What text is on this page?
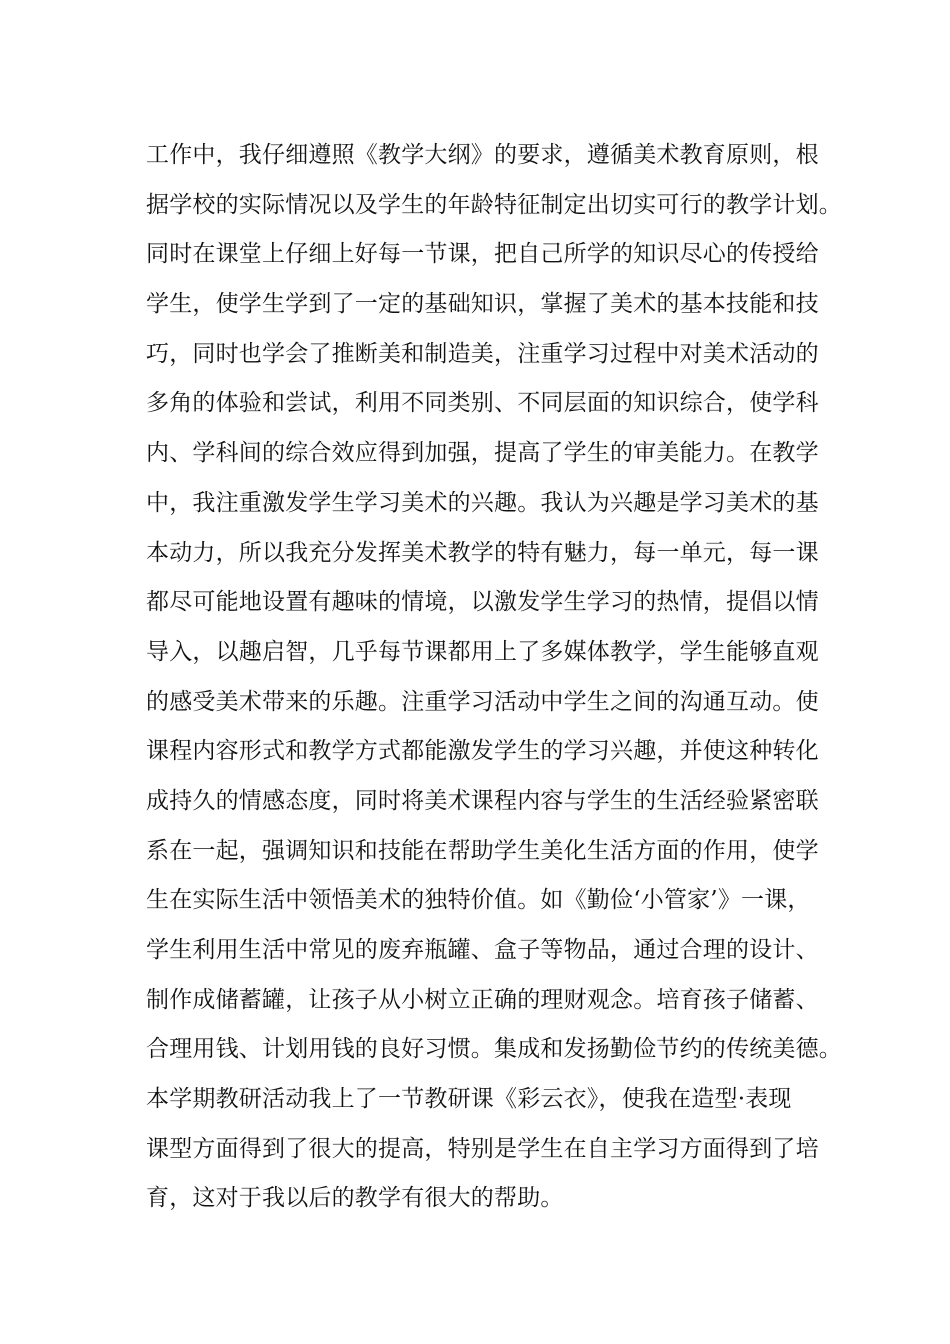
工作中，我仔细遵照《教学大纲》的要求，遵循美术教育原则，根
据学校的实际情况以及学生的年龄特征制定出切实可行的教学计划。
同时在课堂上仔细上好每一节课，把自己所学的知识尽心的传授给
学生，使学生学到了一定的基础知识，掌握了美术的基本技能和技
巧，同时也学会了推断美和制造美，注重学习过程中对美术活动的
多角的体验和尝试，利用不同类别、不同层面的知识综合，使学科
内、学科间的综合效应得到加强，提高了学生的审美能力。在教学
中，我注重激发学生学习美术的兴趣。我认为兴趣是学习美术的基
本动力，所以我充分发挥美术教学的特有魅力，每一单元，每一课
都尽可能地设置有趣味的情境，以激发学生学习的热情，提倡以情
导入，以趣启智，几乎每节课都用上了多媒体教学，学生能够直观
的感受美术带来的乐趣。注重学习活动中学生之间的沟通互动。使
课程内容形式和教学方式都能激发学生的学习兴趣，并使这种转化
成持久的情感态度，同时将美术课程内容与学生的生活经验紧密联
系在一起，强调知识和技能在帮助学生美化生活方面的作用，使学
生在实际生活中领悟美术的独特价值。如《勤俭‘小管家’》一课，
学生利用生活中常见的废弃瓶罐、盒子等物品，通过合理的设计、
制作成储蓄罐，让孩子从小树立正确的理财观念。培育孩子储蓄、
合理用钱、计划用钱的良好习惯。集成和发扬勤俭节约的传统美德。
本学期教研活动我上了一节教研课《彩云衣》，使我在造型·表现
课型方面得到了很大的提高，特别是学生在自主学习方面得到了培
育，这对于我以后的教学有很大的帮助。
